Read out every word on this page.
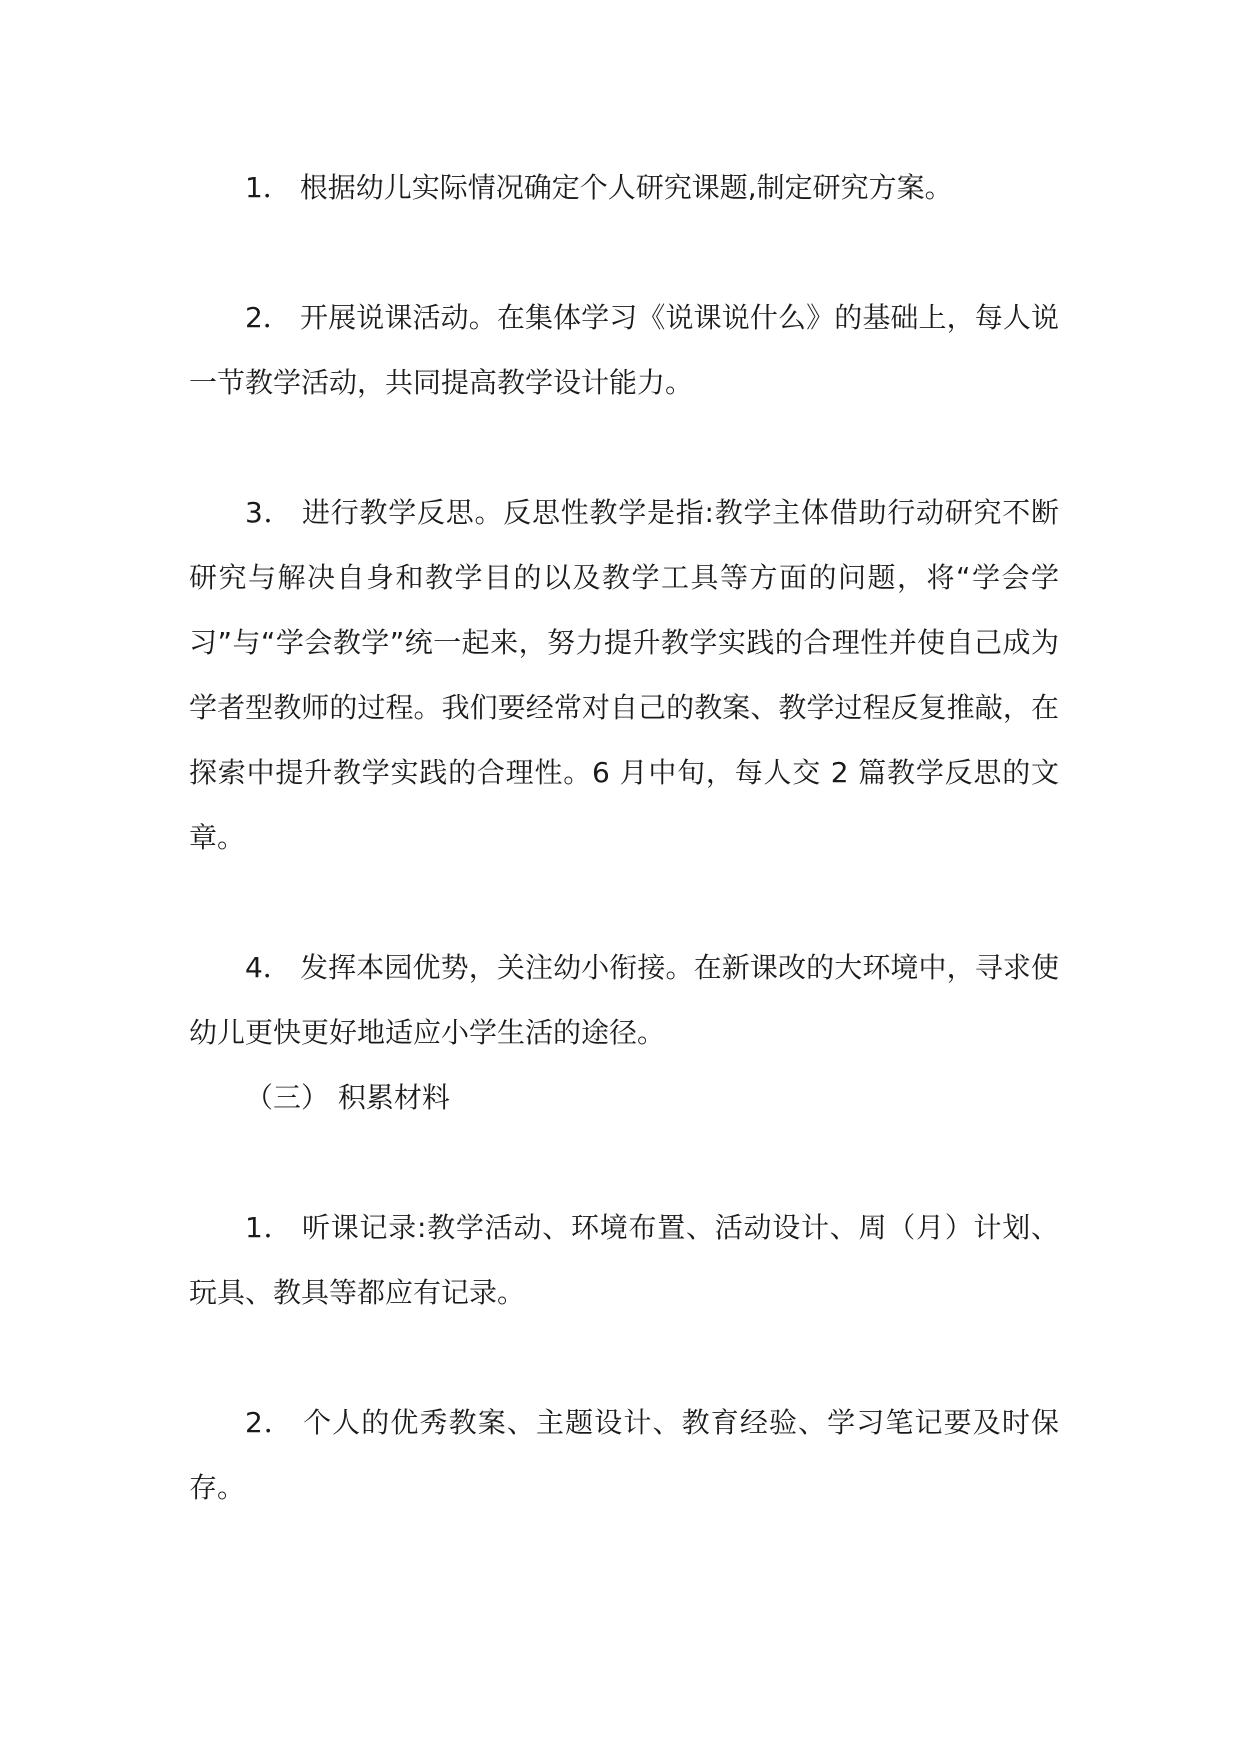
1． 根据幼儿实际情况确定个人研究课题,制定研究方案。

2． 开展说课活动。在集体学习《说课说什么》的基础上，每人说一节教学活动，共同提高教学设计能力。

3． 进行教学反思。反思性教学是指:教学主体借助行动研究不断研究与解决自身和教学目的以及教学工具等方面的问题，将“学会学习”与“学会教学”统一起来，努力提升教学实践的合理性并使自己成为学者型教师的过程。我们要经常对自己的教案、教学过程反复推敲，在探索中提升教学实践的合理性。6 月中旬，每人交 2 篇教学反思的文章。

4． 发挥本园优势，关注幼小衔接。在新课改的大环境中，寻求使幼儿更快更好地适应小学生活的途径。

（三） 积累材料

1． 听课记录:教学活动、环境布置、活动设计、周（月）计划、玩具、教具等都应有记录。

2． 个人的优秀教案、主题设计、教育经验、学习笔记要及时保存。
